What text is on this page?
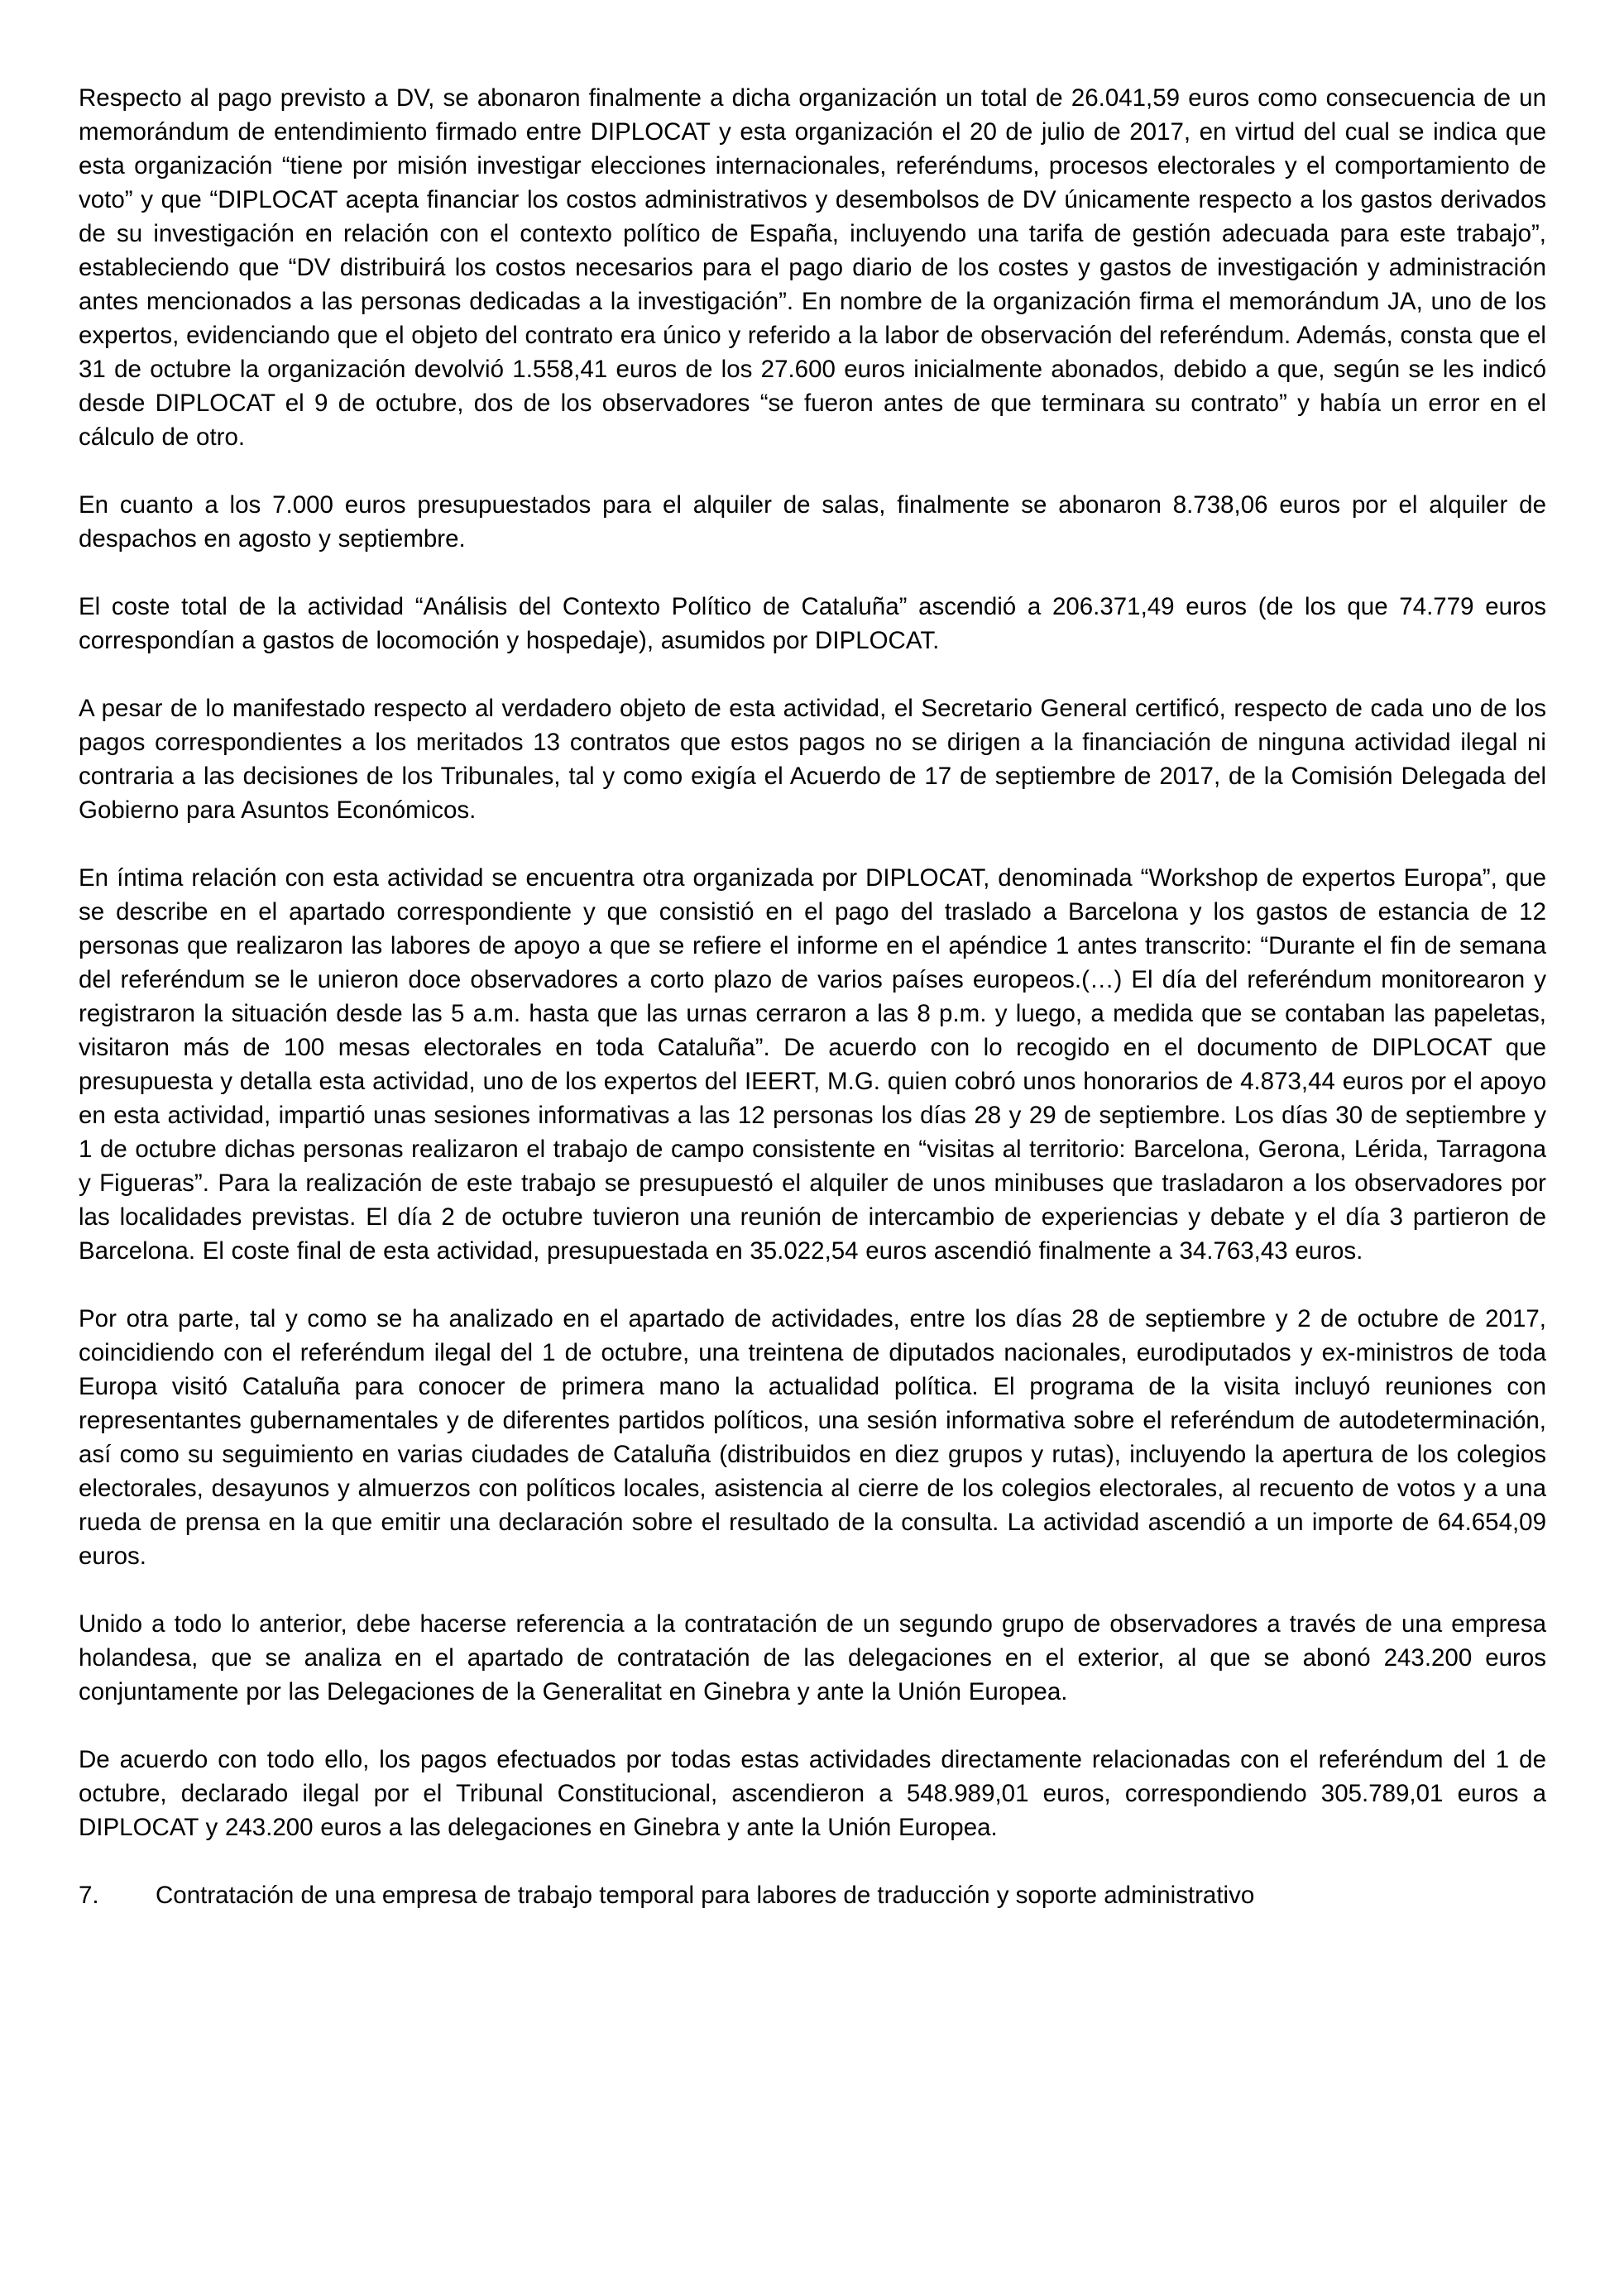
Respecto al pago previsto a DV, se abonaron finalmente a dicha organización un total de 26.041,59 euros como consecuencia de un memorándum de entendimiento firmado entre DIPLOCAT y esta organización el 20 de julio de 2017, en virtud del cual se indica que esta organización “tiene por misión investigar elecciones internacionales, referéndums, procesos electorales y el comportamiento de voto” y que “DIPLOCAT acepta financiar los costos administrativos y desembolsos de DV únicamente respecto a los gastos derivados de su investigación en relación con el contexto político de España, incluyendo una tarifa de gestión adecuada para este trabajo”, estableciendo que “DV distribuirá los costos necesarios para el pago diario de los costes y gastos de investigación y administración antes mencionados a las personas dedicadas a la investigación”. En nombre de la organización firma el memorándum JA, uno de los expertos, evidenciando que el objeto del contrato era único y referido a la labor de observación del referéndum. Además, consta que el 31 de octubre la organización devolvió 1.558,41 euros de los 27.600 euros inicialmente abonados, debido a que, según se les indicó desde DIPLOCAT el 9 de octubre, dos de los observadores “se fueron antes de que terminara su contrato” y había un error en el cálculo de otro.

En cuanto a los 7.000 euros presupuestados para el alquiler de salas, finalmente se abonaron 8.738,06 euros por el alquiler de despachos en agosto y septiembre.

El coste total de la actividad “Análisis del Contexto Político de Cataluña” ascendió a 206.371,49 euros (de los que 74.779 euros correspondían a gastos de locomoción y hospedaje), asumidos por DIPLOCAT.

A pesar de lo manifestado respecto al verdadero objeto de esta actividad, el Secretario General certificó, respecto de cada uno de los pagos correspondientes a los meritados 13 contratos que estos pagos no se dirigen a la financiación de ninguna actividad ilegal ni contraria a las decisiones de los Tribunales, tal y como exigía el Acuerdo de 17 de septiembre de 2017, de la Comisión Delegada del Gobierno para Asuntos Económicos.

En íntima relación con esta actividad se encuentra otra organizada por DIPLOCAT, denominada “Workshop de expertos Europa”, que se describe en el apartado correspondiente y que consistió en el pago del traslado a Barcelona y los gastos de estancia de 12 personas que realizaron las labores de apoyo a que se refiere el informe en el apéndice 1 antes transcrito: “Durante el fin de semana del referéndum se le unieron doce observadores a corto plazo de varios países europeos.(…) El día del referéndum monitorearon y registraron la situación desde las 5 a.m. hasta que las urnas cerraron a las 8 p.m. y luego, a medida que se contaban las papeletas, visitaron más de 100 mesas electorales en toda Cataluña”. De acuerdo con lo recogido en el documento de DIPLOCAT que presupuesta y detalla esta actividad, uno de los expertos del IEERT, M.G. quien cobró unos honorarios de 4.873,44 euros por el apoyo en esta actividad, impartió unas sesiones informativas a las 12 personas los días 28 y 29 de septiembre. Los días 30 de septiembre y 1 de octubre dichas personas realizaron el trabajo de campo consistente en “visitas al territorio: Barcelona, Gerona, Lérida, Tarragona y Figueras”. Para la realización de este trabajo se presupuestó el alquiler de unos minibuses que trasladaron a los observadores por las localidades previstas. El día 2 de octubre tuvieron una reunión de intercambio de experiencias y debate y el día 3 partieron de Barcelona. El coste final de esta actividad, presupuestada en 35.022,54 euros ascendió finalmente a 34.763,43 euros.

Por otra parte, tal y como se ha analizado en el apartado de actividades, entre los días 28 de septiembre y 2 de octubre de 2017, coincidiendo con el referéndum ilegal del 1 de octubre, una treintena de diputados nacionales, eurodiputados y ex-ministros de toda Europa visitó Cataluña para conocer de primera mano la actualidad política. El programa de la visita incluyó reuniones con representantes gubernamentales y de diferentes partidos políticos, una sesión informativa sobre el referéndum de autodeterminación, así como su seguimiento en varias ciudades de Cataluña (distribuidos en diez grupos y rutas), incluyendo la apertura de los colegios electorales, desayunos y almuerzos con políticos locales, asistencia al cierre de los colegios electorales, al recuento de votos y a una rueda de prensa en la que emitir una declaración sobre el resultado de la consulta. La actividad ascendió a un importe de 64.654,09 euros.

Unido a todo lo anterior, debe hacerse referencia a la contratación de un segundo grupo de observadores a través de una empresa holandesa, que se analiza en el apartado de contratación de las delegaciones en el exterior, al que se abonó 243.200 euros conjuntamente por las Delegaciones de la Generalitat en Ginebra y ante la Unión Europea.

De acuerdo con todo ello, los pagos efectuados por todas estas actividades directamente relacionadas con el referéndum del 1 de octubre, declarado ilegal por el Tribunal Constitucional, ascendieron a 548.989,01 euros, correspondiendo 305.789,01 euros a DIPLOCAT y 243.200 euros a las delegaciones en Ginebra y ante la Unión Europea.

7.	Contratación de una empresa de trabajo temporal para labores de traducción y soporte administrativo
